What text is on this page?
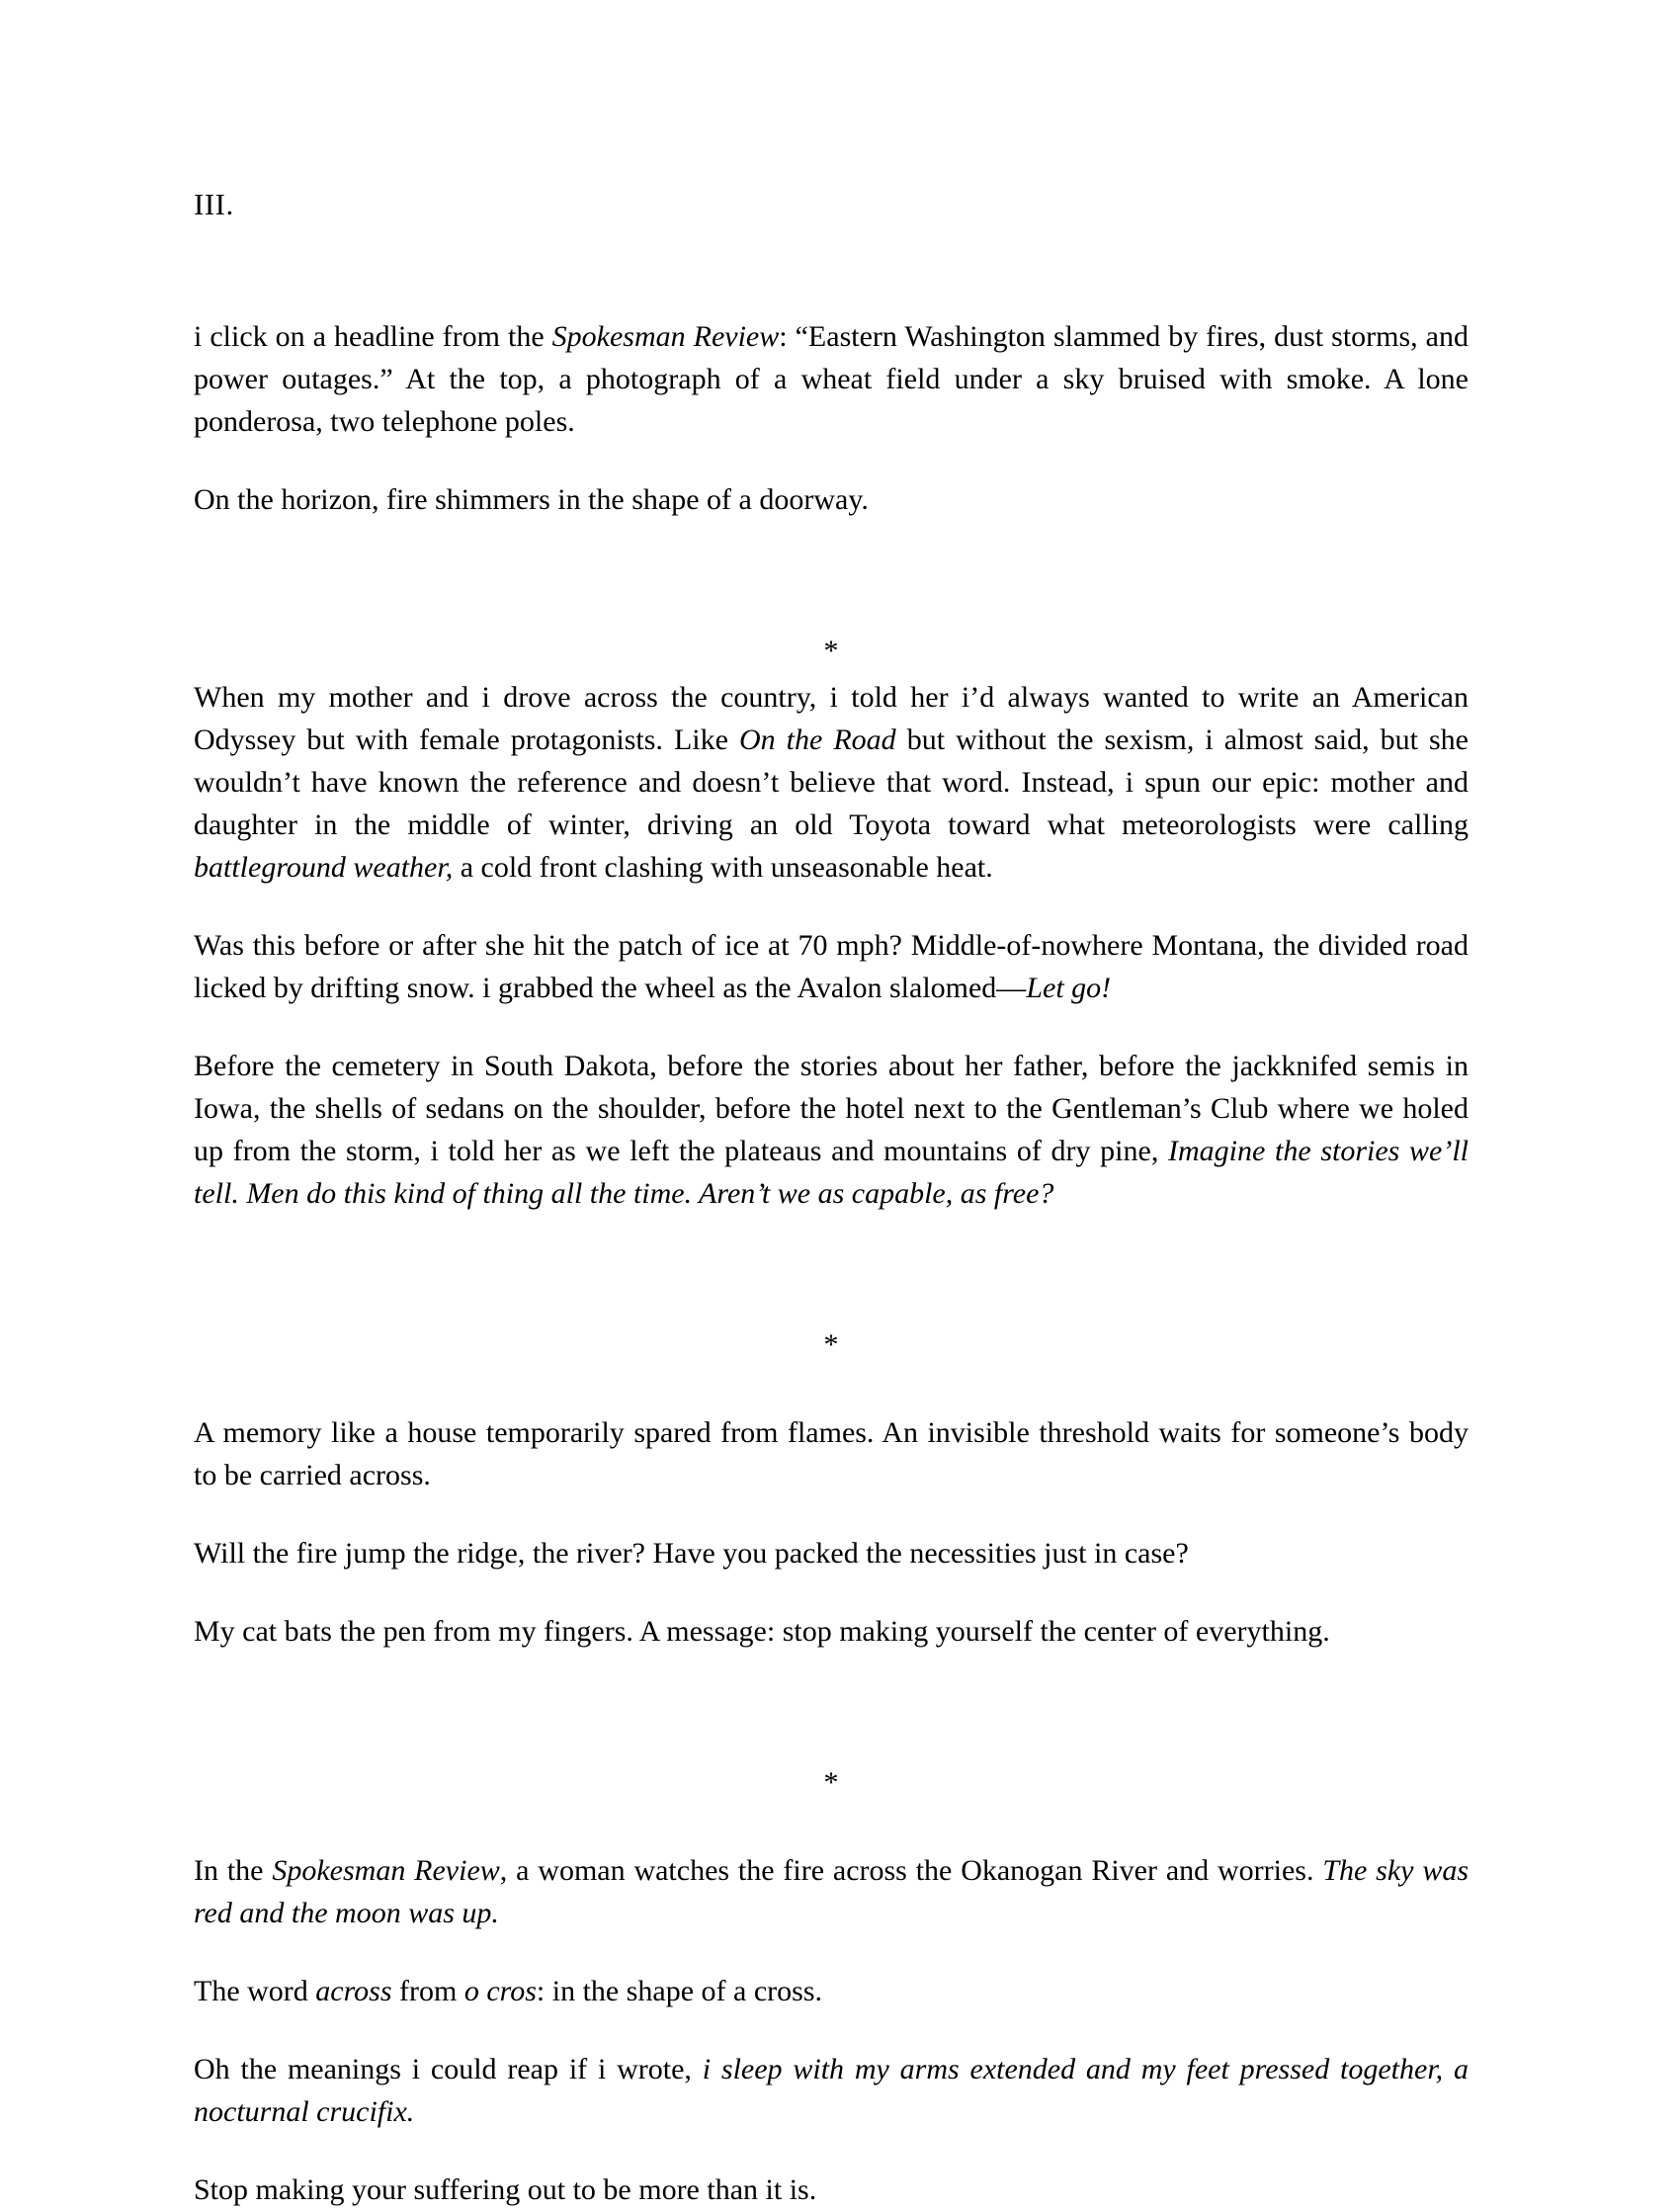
III.

i click on a headline from the Spokesman Review: “Eastern Washington slammed by fires, dust storms, and power outages.” At the top, a photograph of a wheat field under a sky bruised with smoke. A lone ponderosa, two telephone poles.

On the horizon, fire shimmers in the shape of a doorway.

*

When my mother and i drove across the country, i told her i’d always wanted to write an American Odyssey but with female protagonists. Like On the Road but without the sexism, i almost said, but she wouldn’t have known the reference and doesn’t believe that word. Instead, i spun our epic: mother and daughter in the middle of winter, driving an old Toyota toward what meteorologists were calling battleground weather, a cold front clashing with unseasonable heat.

Was this before or after she hit the patch of ice at 70 mph? Middle-of-nowhere Montana, the divided road licked by drifting snow. i grabbed the wheel as the Avalon slalomed—Let go!

Before the cemetery in South Dakota, before the stories about her father, before the jackknifed semis in Iowa, the shells of sedans on the shoulder, before the hotel next to the Gentleman’s Club where we holed up from the storm, i told her as we left the plateaus and mountains of dry pine, Imagine the stories we’ll tell. Men do this kind of thing all the time. Aren’t we as capable, as free?

*

A memory like a house temporarily spared from flames. An invisible threshold waits for someone’s body to be carried across.

Will the fire jump the ridge, the river? Have you packed the necessities just in case?

My cat bats the pen from my fingers. A message: stop making yourself the center of everything.

*

In the Spokesman Review, a woman watches the fire across the Okanogan River and worries. The sky was red and the moon was up.

The word across from o cros: in the shape of a cross.

Oh the meanings i could reap if i wrote, i sleep with my arms extended and my feet pressed together, a nocturnal crucifix.

Stop making your suffering out to be more than it is.
